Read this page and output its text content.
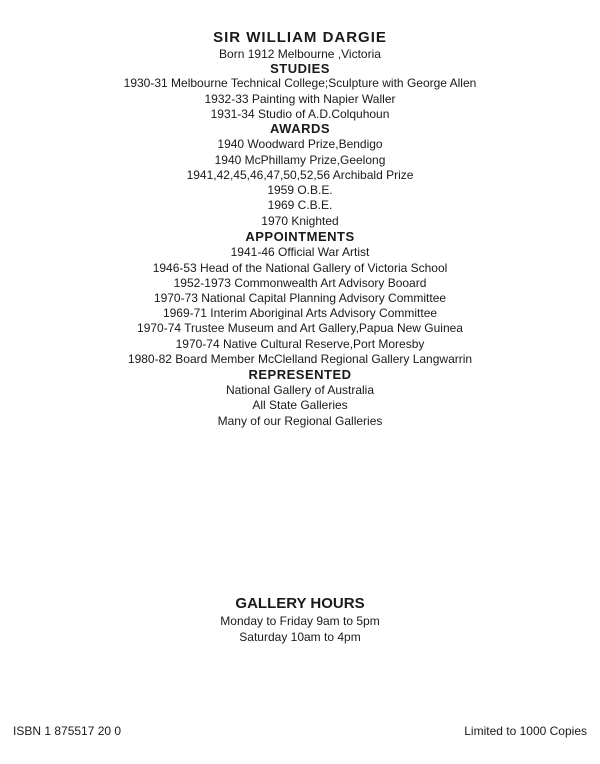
SIR WILLIAM DARGIE
Born 1912 Melbourne ,Victoria
STUDIES
1930-31 Melbourne Technical College;Sculpture with George Allen
1932-33 Painting with Napier Waller
1931-34 Studio of A.D.Colquhoun
AWARDS
1940 Woodward Prize,Bendigo
1940 McPhillamy Prize,Geelong
1941,42,45,46,47,50,52,56 Archibald Prize
1959 O.B.E.
1969 C.B.E.
1970 Knighted
APPOINTMENTS
1941-46 Official War Artist
1946-53 Head of the National Gallery of Victoria School
1952-1973 Commonwealth Art Advisory Booard
1970-73 National Capital Planning Advisory Committee
1969-71 Interim Aboriginal Arts Advisory Committee
1970-74 Trustee Museum and Art Gallery,Papua New Guinea
1970-74 Native Cultural Reserve,Port Moresby
1980-82 Board Member McClelland Regional Gallery Langwarrin
REPRESENTED
National Gallery of Australia
All State Galleries
Many of our Regional Galleries
GALLERY HOURS
Monday to Friday 9am to 5pm
Saturday 10am to 4pm
ISBN 1 875517 20 0	Limited to 1000 Copies
